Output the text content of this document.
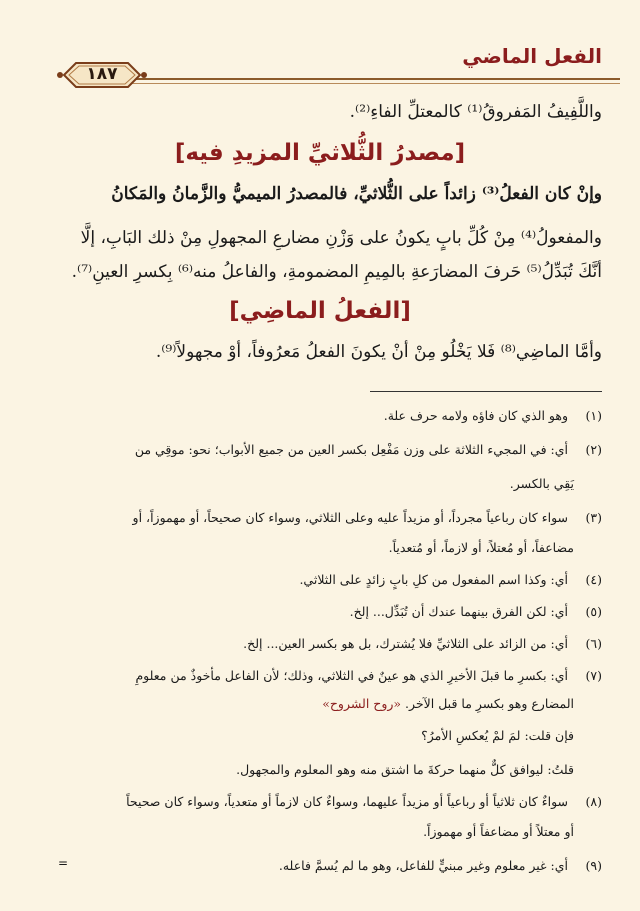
الفعل الماضي
١٨٧
واللَّفِيفُ المَفروقُ⁽¹⁾ كالمعتلِّ الفاءِ⁽²⁾.
[مصدرُ الثُّلاثيِّ المزيدِ فيه]
وإنْ كان الفعلُ⁽³⁾ زائداً على الثُّلاثيِّ، فالمصدرُ الميميُّ والزَّمانُ والمَكانُ
والمفعولُ⁽⁴⁾ مِنْ كُلِّ بابٍ يكونُ على وَزْنِ مضارعِ المجهولِ مِنْ ذلك البَابِ، إلَّا
أنَّكَ تُبَدِّلُ⁽⁵⁾ حَرفَ المضارَعةِ بالمِيمِ المضمومةِ، والفاعلُ منه⁽⁶⁾ بِكسرِ العينِ⁽⁷⁾.
[الفعلُ الماضِي]
وأمَّا الماضِي⁽⁸⁾ فَلا يَخْلُو مِنْ أنْ يكونَ الفعلُ مَعرُوفاً، أوْ مجهولاً⁽⁹⁾.
(١) وهو الذي كان فاؤه ولامه حرف علة.
(٢) أي: في المجيء الثلاثة على وزن مَفْعِل بكسر العين من جميع الأبواب؛ نحو: موقِي من
يَقِي بالكسر.
(٣) سواء كان رباعياً مجرداً، أو مزيداً عليه وعلى الثلاثي، وسواء كان صحيحاً، أو مهموزاً، أو
مضاعفاً، أو مُعتلاً، أو لازماً، أو مُتعدياً.
(٤) أي: وكذا اسم المفعول من كلِ بابٍ زائدٍ على الثلاثي.
(٥) أي: لكن الفرق بينهما عندك أن تُبَدِّل... إلخ.
(٦) أي: من الزائد على الثلاثيِّ فلا يُشترك، بل هو بكسر العين... إلخ.
(٧) أي: بكسرِ ما قبلَ الأخيرِ الذي هو عينٌ في الثلاثي، وذلك؛ لأن الفاعل مأخوذٌ من معلومِ
المضارع وهو بكسرِ ما قبل الآخر. «روح الشروح»
فإن قلت: لمَ لمْ يُعكسِ الأمرُ؟
قلتُ: ليوافق كلٌّ منهما حركةَ ما اشتق منه وهو المعلوم والمجهول.
(٨) سواءٌ كان ثلاثياً أو رباعياً أو مزيداً عليهما، وسواءٌ كان لازماً أو متعدياً، وسواء كان صحيحاً
أو معتلاً أو مضاعفاً أو مهموزاً.
(٩) أي: غير معلوم وغير مبنيٍّ للفاعل، وهو ما لم يُسمَّ فاعله.
=
